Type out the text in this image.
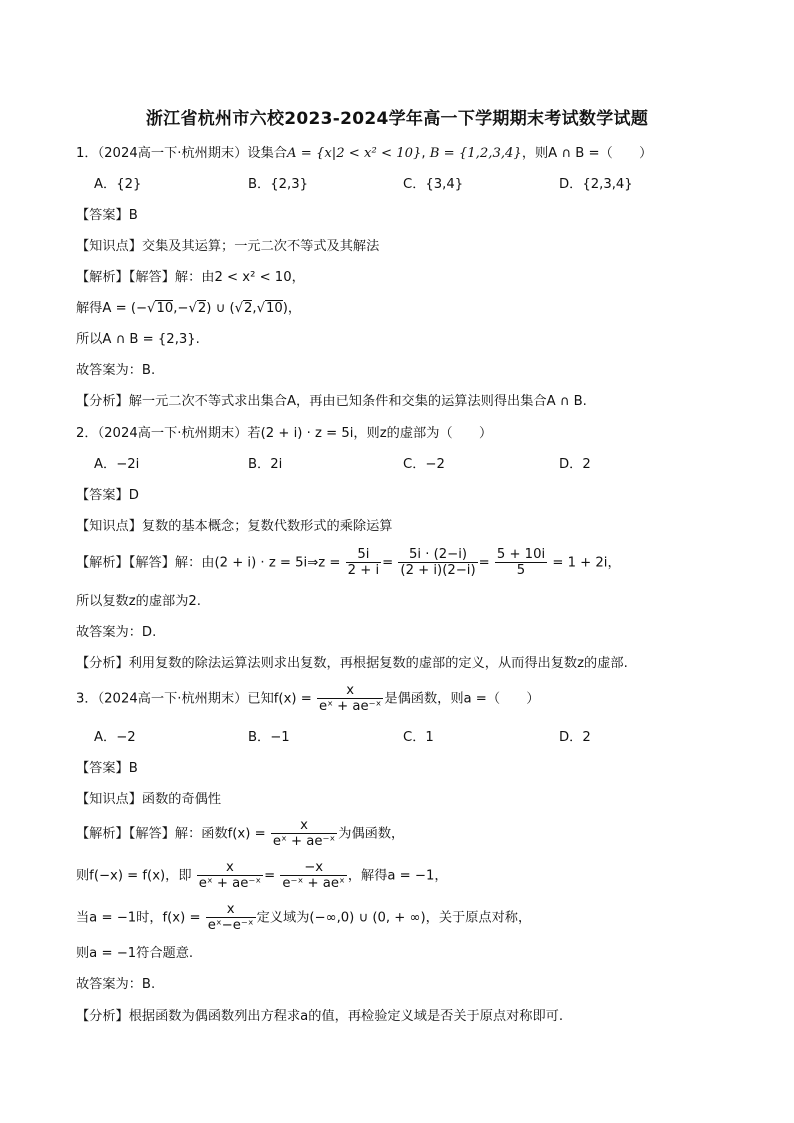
浙江省杭州市六校2023-2024学年高一下学期期末考试数学试题
1．（2024高一下·杭州期末）设集合A = {x|2 < x² < 10}, B = {1,2,3,4}，则A ∩ B =（　　）
A．{2}	B．{2,3}	C．{3,4}	D．{2,3,4}
【答案】B
【知识点】交集及其运算；一元二次不等式及其解法
【解析】【解答】解：由2 < x² < 10，
解得A = (−√10,−√2) ∪ (√2,√10)，
所以A ∩ B = {2,3}.
故答案为：B.
【分析】解一元二次不等式求出集合A，再由已知条件和交集的运算法则得出集合A ∩ B.
2．（2024高一下·杭州期末）若(2 + i) · z = 5i，则z的虚部为（　　）
A．−2i	B．2i	C．−2	D．2
【答案】D
【知识点】复数的基本概念；复数代数形式的乘除运算
【解析】【解答】解：由(2 + i) · z = 5i⇒z = $\frac{5i}{2 + i} = \frac{5i \cdot (2-i)}{(2 + i)(2-i)} = \frac{5 + 10i}{5} = 1 + 2i$，
所以复数z的虚部为2.
故答案为：D.
【分析】利用复数的除法运算法则求出复数，再根据复数的虚部的定义，从而得出复数z的虚部.
3．（2024高一下·杭州期末）已知$f(x) = \frac{x}{\text{eˣ + ae⁻ˣ}}$ 是偶函数，则a =（　　）
A．−2	B．−1	C．1	D．2
【答案】B
【知识点】函数的奇偶性
【解析】【解答】解：函数$f(x) = \frac{x}{\text{eˣ + ae⁻ˣ}}$ 为偶函数，
则f(−x) = f(x)，即 $\frac{x}{\text{eˣ + ae⁻ˣ}} = \frac{-x}{\text{e⁻ˣ + aeˣ}}$ ，解得a = −1，
当a = −1时，$f(x) = \frac{x}{\text{eˣ−e⁻ˣ}}$ 定义域为(−∞,0) ∪ (0, + ∞)，关于原点对称，
则a = −1符合题意.
故答案为：B.
【分析】根据函数为偶函数列出方程求a的值，再检验定义域是否关于原点对称即可.
